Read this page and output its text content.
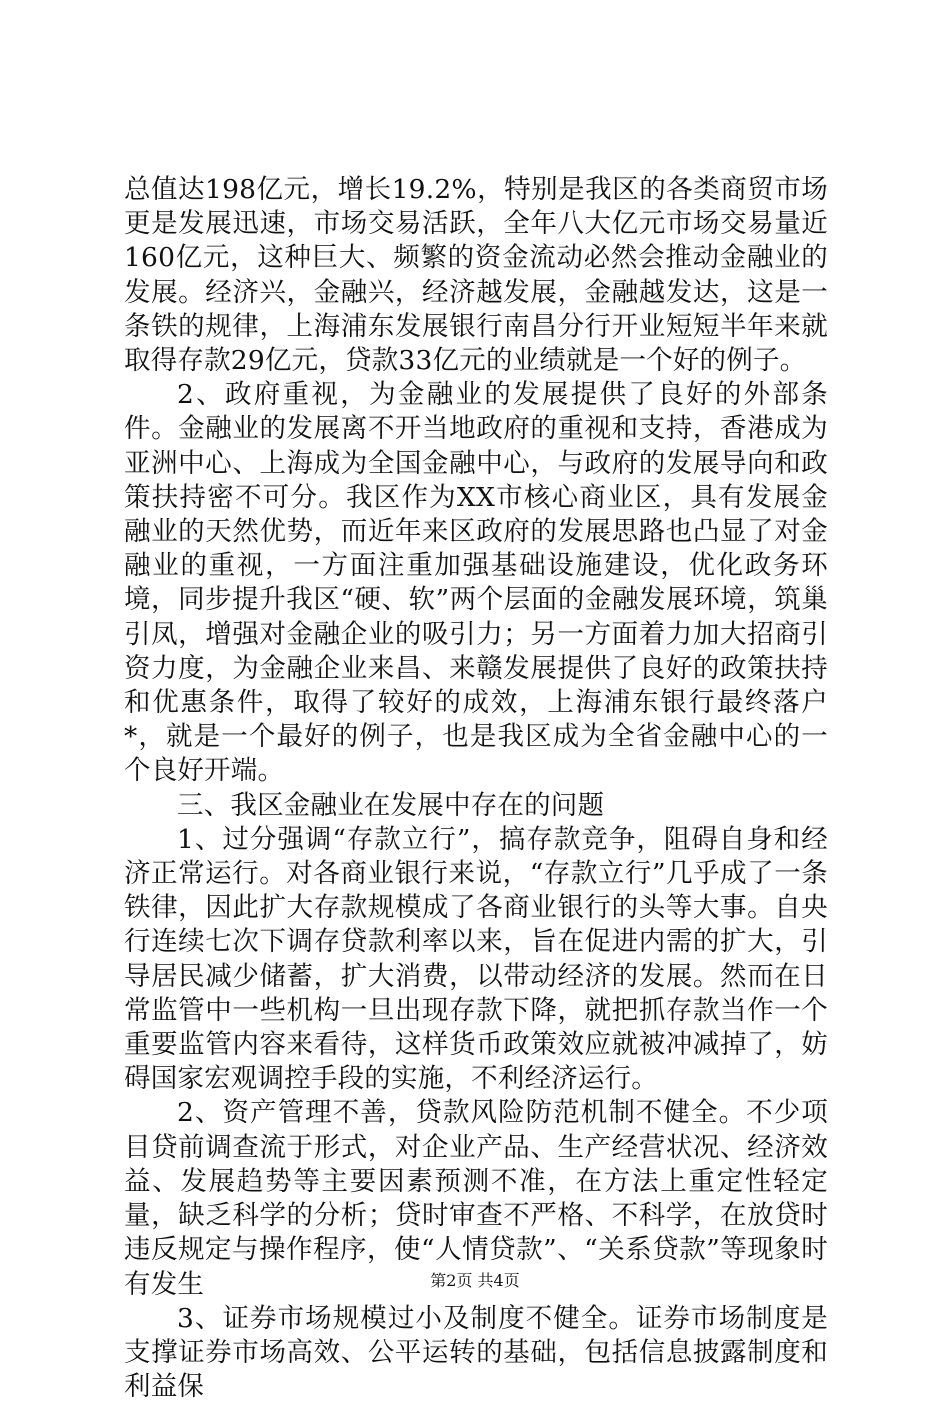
总值达198亿元，增长19.2%，特别是我区的各类商贸市场更是发展迅速，市场交易活跃，全年八大亿元市场交易量近160亿元，这种巨大、频繁的资金流动必然会推动金融业的发展。经济兴，金融兴，经济越发展，金融越发达，这是一条铁的规律，上海浦东发展银行南昌分行开业短短半年来就取得存款29亿元，贷款33亿元的业绩就是一个好的例子。

2、政府重视，为金融业的发展提供了良好的外部条件。金融业的发展离不开当地政府的重视和支持，香港成为亚洲中心、上海成为全国金融中心，与政府的发展导向和政策扶持密不可分。我区作为XX市核心商业区，具有发展金融业的天然优势，而近年来区政府的发展思路也凸显了对金融业的重视，一方面注重加强基础设施建设，优化政务环境，同步提升我区“硬、软”两个层面的金融发展环境，筑巢引凤，增强对金融企业的吸引力；另一方面着力加大招商引资力度，为金融企业来昌、来赣发展提供了良好的政策扶持和优惠条件，取得了较好的成效，上海浦东银行最终落户*，就是一个最好的例子，也是我区成为全省金融中心的一个良好开端。

三、我区金融业在发展中存在的问题

1、过分强调“存款立行”，搞存款竞争，阻碍自身和经济正常运行。对各商业银行来说，“存款立行”几乎成了一条铁律，因此扩大存款规模成了各商业银行的头等大事。自央行连续七次下调存贷款利率以来，旨在促进内需的扩大，引导居民减少储蓄，扩大消费，以带动经济的发展。然而在日常监管中一些机构一旦出现存款下降，就把抓存款当作一个重要监管内容来看待，这样货币政策效应就被冲减掉了，妨碍国家宏观调控手段的实施，不利经济运行。

2、资产管理不善，贷款风险防范机制不健全。不少项目贷前调查流于形式，对企业产品、生产经营状况、经济效益、发展趋势等主要因素预测不准，在方法上重定性轻定量，缺乏科学的分析；贷时审查不严格、不科学，在放贷时违反规定与操作程序，使“人情贷款”、“关系贷款”等现象时有发生

3、证券市场规模过小及制度不健全。证券市场制度是支撑证券市场高效、公平运转的基础，包括信息披露制度和利益保

第2页 共4页
